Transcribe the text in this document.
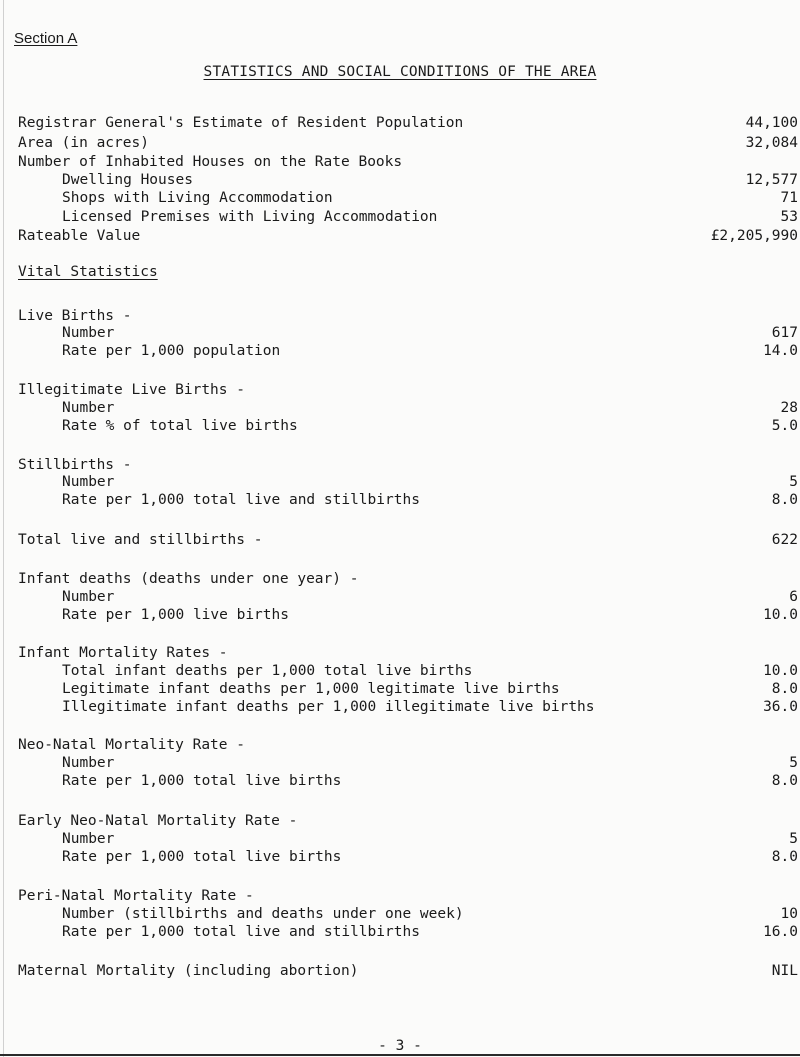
Section A
STATISTICS AND SOCIAL CONDITIONS OF THE AREA
Registrar General's Estimate of Resident Population	44,100
Area (in acres)	32,084
Number of Inhabited Houses on the Rate Books
Dwelling Houses	12,577
Shops with Living Accommodation	71
Licensed Premises with Living Accommodation	53
Rateable Value	£2,205,990
Vital Statistics
Live Births -
Number	617
Rate per 1,000 population	14.0
Illegitimate Live Births -
Number	28
Rate % of total live births	5.0
Stillbirths -
Number	5
Rate per 1,000 total live and stillbirths	8.0
Total live and stillbirths -	622
Infant deaths (deaths under one year) -
Number	6
Rate per 1,000 live births	10.0
Infant Mortality Rates -
Total infant deaths per 1,000 total live births	10.0
Legitimate infant deaths per 1,000 legitimate live births	8.0
Illegitimate infant deaths per 1,000 illegitimate live births	36.0
Neo-Natal Mortality Rate -
Number	5
Rate per 1,000 total live births	8.0
Early Neo-Natal Mortality Rate -
Number	5
Rate per 1,000 total live births	8.0
Peri-Natal Mortality Rate -
Number (stillbirths and deaths under one week)	10
Rate per 1,000 total live and stillbirths	16.0
Maternal Mortality (including abortion)	NIL
- 3 -
